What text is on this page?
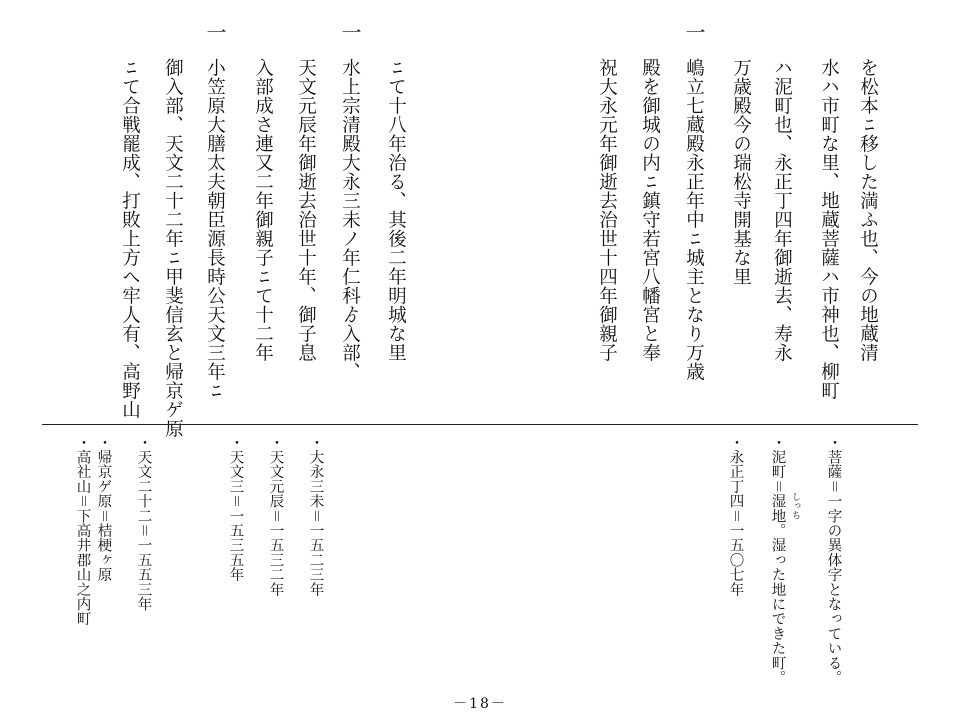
を松本ﾆ移した満ふ也、今の地蔵清
水ハ市町な里、地蔵菩薩ハ市神也、柳町
ハ泥町也、永正丁四年御逝去、寿永
万歳殿今の瑞松寺開基な里
一
嶋立七蔵殿永正年中ﾆ城主となり万歳
殿を御城の内ﾆ鎮守若宮八幡宮と奉
祝大永元年御逝去治世十四年御親子
ﾆて十八年治る、其後二年明城な里
一
水上宗清殿大永三未ノ年仁科ゟ入部、
天文元辰年御逝去治世十年、御子息
入部成さ連又二年御親子ﾆて十二年
一
小笠原大膳太夫朝臣源長時公天文三年ﾆ
御入部、天文二十二年ﾆ甲斐信玄と帰京ゲ原
ﾆて合戦罷成、打敗上方へ牢人有、高野山
・菩薩＝一字の異体字となっている。
しっち
・泥町＝湿地。湿った地にできた町。
・永正丁四＝一五〇七年
・大永三未＝一五二三年
・天文元辰＝一五三二年
・天文三＝一五三五年
・天文二十二＝一五五三年
・帰京ゲ原＝桔梗ヶ原
・高社山＝下高井郡山之内町
－18－
